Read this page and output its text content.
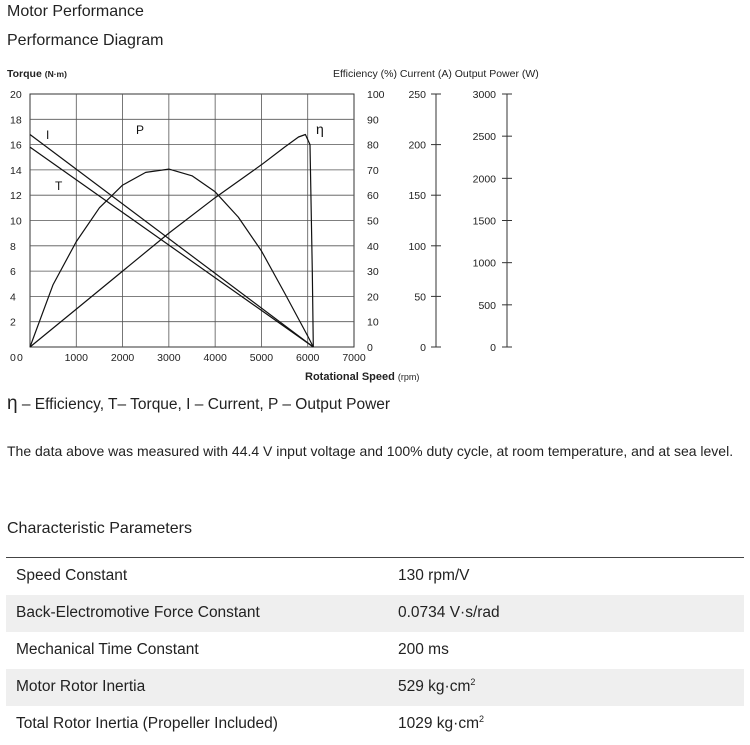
Motor Performance
Performance Diagram
Torque (N·m)	Efficiency (%) Current (A) Output Power (W)
20
18
16
14
12
10
8
6
4
2
0
100
90
80
70
60
50
40
30
20
10
0
0	1000 2000 3000 4000 5000 6000 7000
Rotational Speed (rpm)
250
200
150
100
50
0
3000
2500
2000
1500
1000
500
0
η
T
I	P
η – Efficiency, T– Torque, I – Current, P – Output Power
The data above was measured with 44.4 V input voltage and 100% duty cycle, at room temperature, and at sea level.
Characteristic Parameters
Speed Constant	130 rpm/V
Back-Electromotive Force Constant	0.0734 V·s/rad
Mechanical Time Constant	200 ms
Motor Rotor Inertia	529 $kg\cdot cm^2$
Total Rotor Inertia (Propeller Included)	1029 $kg\cdot cm^2$
